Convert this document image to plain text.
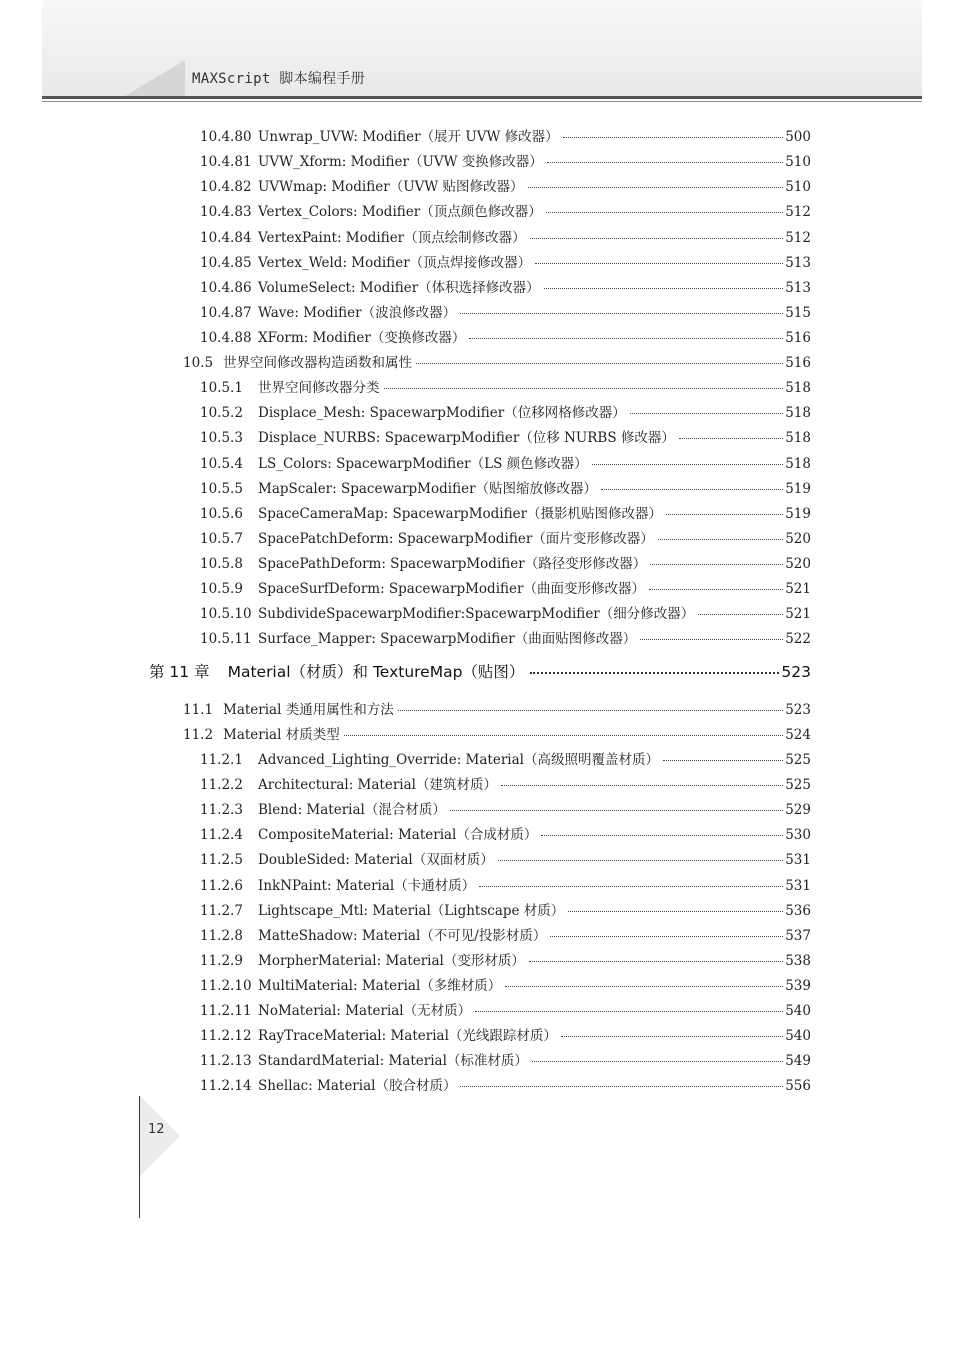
MAXScript 脚本编程手册
10.4.80 Unwrap_UVW: Modifier（展开 UVW 修改器）	500
10.4.81 UVW_Xform: Modifier（UVW 变换修改器）	510
10.4.82 UVWmap: Modifier（UVW 贴图修改器）	510
10.4.83 Vertex_Colors: Modifier（顶点颜色修改器）	512
10.4.84 VertexPaint: Modifier（顶点绘制修改器）	512
10.4.85 Vertex_Weld: Modifier（顶点焊接修改器）	513
10.4.86 VolumeSelect: Modifier（体积选择修改器）	513
10.4.87 Wave: Modifier（波浪修改器）	515
10.4.88 XForm: Modifier（变换修改器）	516
10.5 世界空间修改器构造函数和属性	516
10.5.1 世界空间修改器分类	518
10.5.2 Displace_Mesh: SpacewarpModifier（位移网格修改器）	518
10.5.3 Displace_NURBS: SpacewarpModifier（位移 NURBS 修改器）	518
10.5.4 LS_Colors: SpacewarpModifier（LS 颜色修改器）	518
10.5.5 MapScaler: SpacewarpModifier（贴图缩放修改器）	519
10.5.6 SpaceCameraMap: SpacewarpModifier（摄影机贴图修改器）	519
10.5.7 SpacePatchDeform: SpacewarpModifier（面片变形修改器）	520
10.5.8 SpacePathDeform: SpacewarpModifier（路径变形修改器）	520
10.5.9 SpaceSurfDeform: SpacewarpModifier（曲面变形修改器）	521
10.5.10 SubdivideSpacewarpModifier:SpacewarpModifier（细分修改器）	521
10.5.11 Surface_Mapper: SpacewarpModifier（曲面贴图修改器）	522
第 11 章 Material（材质）和 TextureMap（贴图）	523
11.1 Material 类通用属性和方法	523
11.2 Material 材质类型	524
11.2.1 Advanced_Lighting_Override: Material（高级照明覆盖材质）	525
11.2.2 Architectural: Material（建筑材质）	525
11.2.3 Blend: Material（混合材质）	529
11.2.4 CompositeMaterial: Material（合成材质）	530
11.2.5 DoubleSided: Material（双面材质）	531
11.2.6 InkNPaint: Material（卡通材质）	531
11.2.7 Lightscape_Mtl: Material（Lightscape 材质）	536
11.2.8 MatteShadow: Material（不可见/投影材质）	537
11.2.9 MorpherMaterial: Material（变形材质）	538
11.2.10 MultiMaterial: Material（多维材质）	539
11.2.11 NoMaterial: Material（无材质）	540
11.2.12 RayTraceMaterial: Material（光线跟踪材质）	540
11.2.13 StandardMaterial: Material（标准材质）	549
11.2.14 Shellac: Material（胶合材质）	556
12
